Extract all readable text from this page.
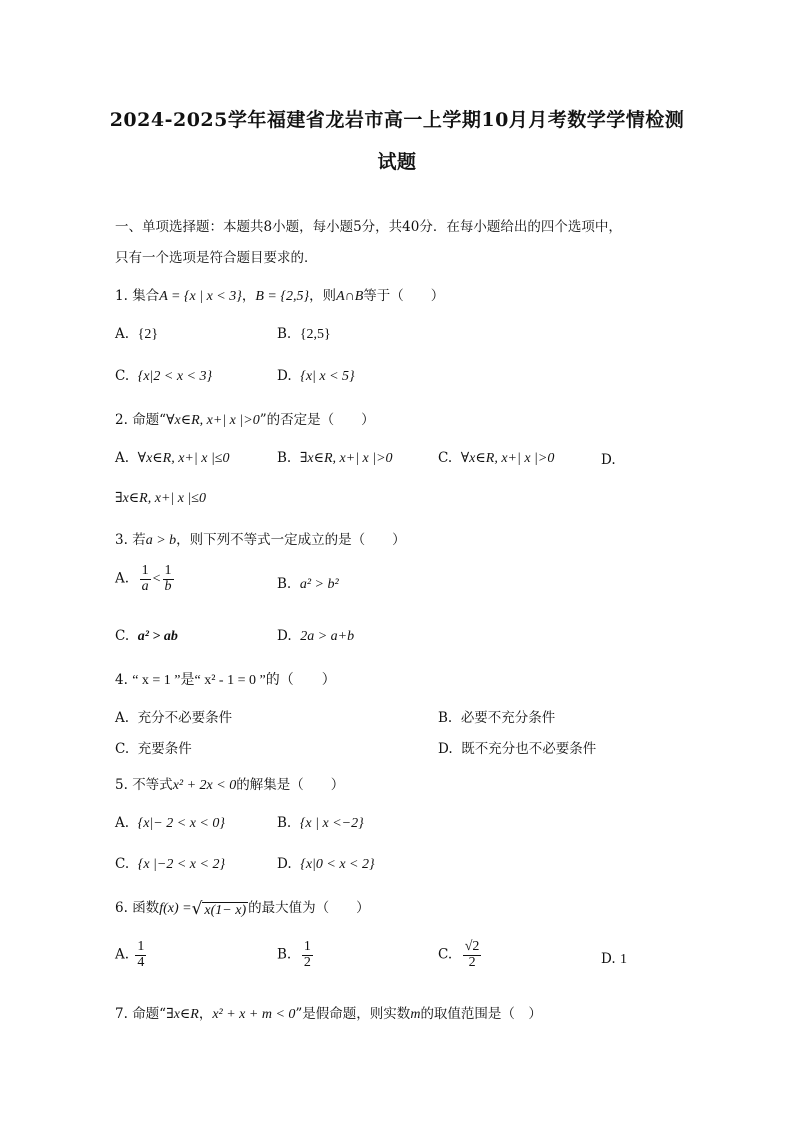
2024-2025学年福建省龙岩市高一上学期10月月考数学学情检测
试题
一、单项选择题：本题共8小题，每小题5分，共40分．在每小题给出的四个选项中，
只有一个选项是符合题目要求的．
1. 集合A = {x | x < 3}，B = {2,5}，则A∩B等于（　　）
A. {2}	B. {2,5}
C. {x|2 < x < 3}	D. {x| x < 5}
2. 命题“∀x∈R, x+| x |>0”的否定是（　　）
A. ∀x∈R, x+| x |≤0	B. ∃x∈R, x+| x |>0	C. ∀x∈R, x+| x |>0	D.
∃x∈R, x+| x |≤0
3. 若a > b，则下列不等式一定成立的是（　　）
A. $\frac{1}{a} < \frac{1}{b}$	B. a² > b²
C. a² > ab	D. 2a > a+b
4. “ x = 1 ”是“ x² - 1 = 0 ”的（　　）
A. 充分不必要条件	B. 必要不充分条件
C. 充要条件	D. 既不充分也不必要条件
5. 不等式x² + 2x < 0的解集是（　　）
A. {x|− 2 < x < 0}	B. {x | x <−2}
C. {x |−2 < x < 2}	D. {x|0 < x < 2}
6. 函数f(x) =√ x(1− x) 的最大值为（　　）
A. $\frac{1}{4}$	B. $\frac{1}{2}$	C. $\frac{√2}{2}$	D. 1
7. 命题“∃x∈R，x² + x + m < 0”是假命题，则实数m的取值范围是（　）
